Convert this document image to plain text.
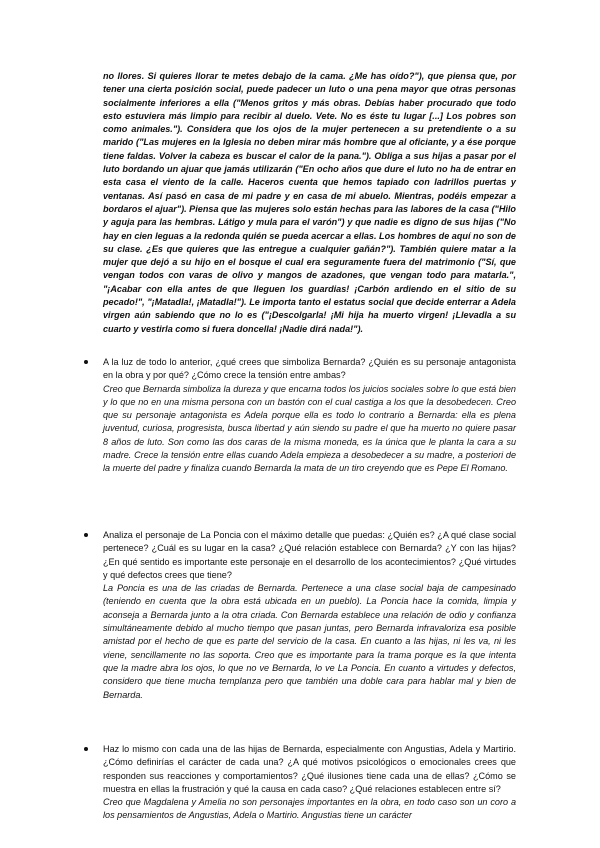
no llores. Si quieres llorar te metes debajo de la cama. ¿Me has oído?"), que piensa que, por tener una cierta posición social, puede padecer un luto o una pena mayor que otras personas socialmente inferiores a ella ("Menos gritos y más obras. Debías haber procurado que todo esto estuviera más limpio para recibir al duelo. Vete. No es éste tu lugar [...] Los pobres son como animales."). Considera que los ojos de la mujer pertenecen a su pretendiente o a su marido ("Las mujeres en la Iglesia no deben mirar más hombre que al oficiante, y a ése porque tiene faldas. Volver la cabeza es buscar el calor de la pana."). Obliga a sus hijas a pasar por el luto bordando un ajuar que jamás utilizarán ("En ocho años que dure el luto no ha de entrar en esta casa el viento de la calle. Haceros cuenta que hemos tapiado con ladrillos puertas y ventanas. Así pasó en casa de mi padre y en casa de mi abuelo. Mientras, podéis empezar a bordaros el ajuar"). Piensa que las mujeres solo están hechas para las labores de la casa ("Hilo y aguja para las hembras. Látigo y mula para el varón") y que nadie es digno de sus hijas ("No hay en cien leguas a la redonda quién se pueda acercar a ellas. Los hombres de aquí no son de su clase. ¿Es que quieres que las entregue a cualquier gañán?"). También quiere matar a la mujer que dejó a su hijo en el bosque el cual era seguramente fuera del matrimonio ("Sí, que vengan todos con varas de olivo y mangos de azadones, que vengan todo para matarla.", "¡Acabar con ella antes de que lleguen los guardias! ¡Carbón ardiendo en el sitio de su pecado!", "¡Matadla!, ¡Matadla!"). Le importa tanto el estatus social que decide enterrar a Adela virgen aún sabiendo que no lo es ("¡Descolgarla! ¡Mi hija ha muerto virgen! ¡Llevadla a su cuarto y vestirla como si fuera doncella! ¡Nadie dirá nada!").

A la luz de todo lo anterior, ¿qué crees que simboliza Bernarda? ¿Quién es su personaje antagonista en la obra y por qué? ¿Cómo crece la tensión entre ambas?

Creo que Bernarda simboliza la dureza y que encarna todos los juicios sociales sobre lo que está bien y lo que no en una misma persona con un bastón con el cual castiga a los que la desobedecen. Creo que su personaje antagonista es Adela porque ella es todo lo contrario a Bernarda: ella es plena juventud, curiosa, progresista, busca libertad y aún siendo su padre el que ha muerto no quiere pasar 8 años de luto. Son como las dos caras de la misma moneda, es la única que le planta la cara a su madre. Crece la tensión entre ellas cuando Adela empieza a desobedecer a su madre, a posteriori de la muerte del padre y finaliza cuando Bernarda la mata de un tiro creyendo que es Pepe El Romano.

Analiza el personaje de La Poncia con el máximo detalle que puedas: ¿Quién es? ¿A qué clase social pertenece? ¿Cuál es su lugar en la casa? ¿Qué relación establece con Bernarda? ¿Y con las hijas? ¿En qué sentido es importante este personaje en el desarrollo de los acontecimientos? ¿Qué virtudes y qué defectos crees que tiene?

La Poncia es una de las criadas de Bernarda. Pertenece a una clase social baja de campesinado (teniendo en cuenta que la obra está ubicada en un pueblo). La Poncia hace la comida, limpia y aconseja a Bernarda junto a la otra criada. Con Bernarda establece una relación de odio y confianza simultáneamente debido al mucho tiempo que pasan juntas, pero Bernarda infravaloriza esa posible amistad por el hecho de que es parte del servicio de la casa. En cuanto a las hijas, ni les va, ni les viene, sencillamente no las soporta. Creo que es importante para la trama porque es la que intenta que la madre abra los ojos, lo que no ve Bernarda, lo ve La Poncia. En cuanto a virtudes y defectos, considero que tiene mucha templanza pero que también una doble cara para hablar mal y bien de Bernarda.

Haz lo mismo con cada una de las hijas de Bernarda, especialmente con Angustias, Adela y Martirio. ¿Cómo definirías el carácter de cada una? ¿A qué motivos psicológicos o emocionales crees que responden sus reacciones y comportamientos? ¿Qué ilusiones tiene cada una de ellas? ¿Cómo se muestra en ellas la frustración y qué la causa en cada caso? ¿Qué relaciones establecen entre sí?

Creo que Magdalena y Amelia no son personajes importantes en la obra, en todo caso son un coro a los pensamientos de Angustias, Adela o Martirio. Angustias tiene un carácter
